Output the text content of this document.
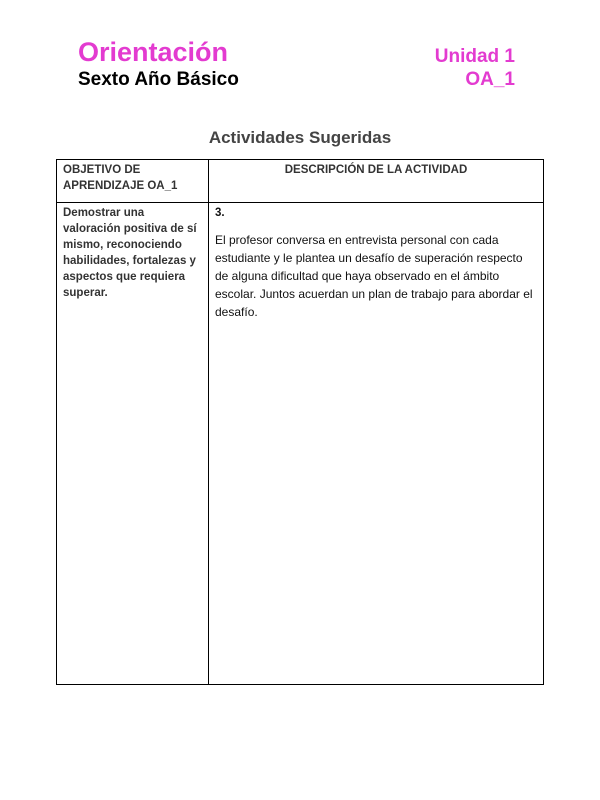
Orientación
Sexto Año Básico
Unidad 1
OA_1
Actividades Sugeridas
OBJETIVO DE APRENDIZAJE OA_1	DESCRIPCIÓN DE LA ACTIVIDAD
Demostrar una valoración positiva de sí mismo, reconociendo habilidades, fortalezas y aspectos que requiera superar.	3.

El profesor conversa en entrevista personal con cada estudiante y le plantea un desafío de superación respecto de alguna dificultad que haya observado en el ámbito escolar. Juntos acuerdan un plan de trabajo para abordar el desafío.
